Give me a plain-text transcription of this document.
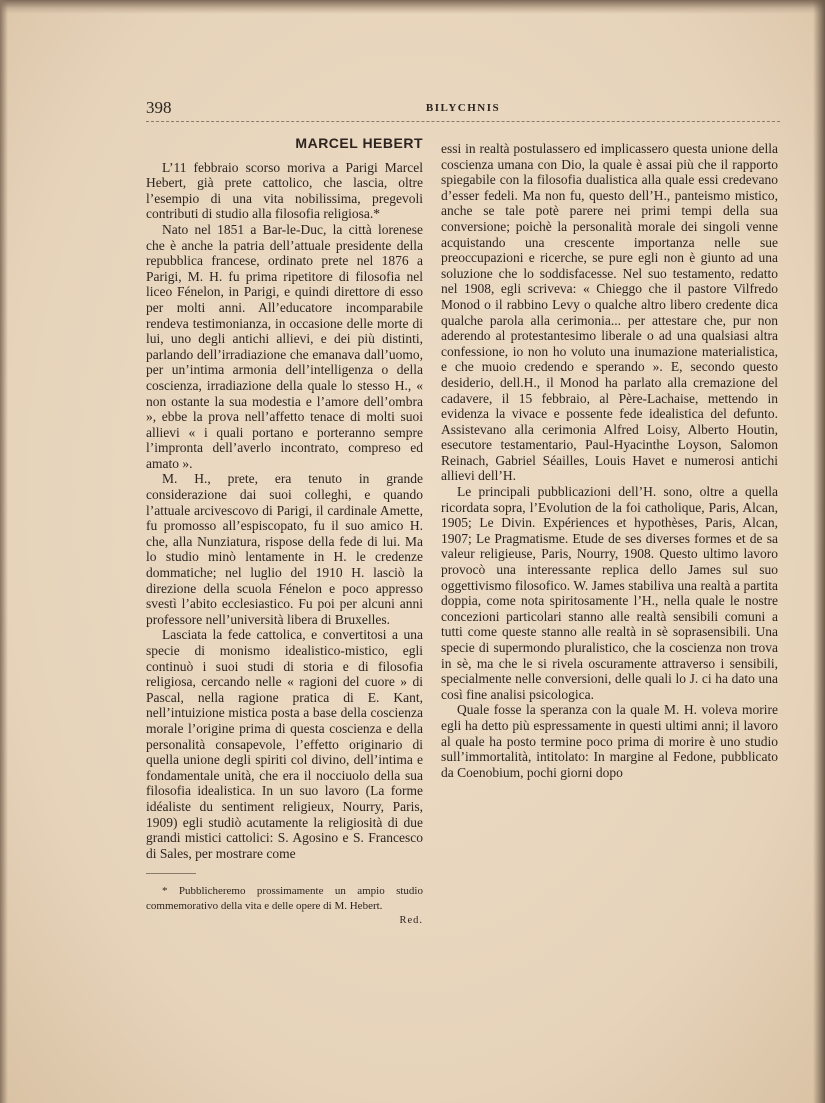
398	BILYCHNIS
MARCEL HEBERT

L’11 febbraio scorso moriva a Parigi Marcel Hebert, già prete cattolico, che lascia, oltre l’esempio di una vita nobilissima, pregevoli contributi di studio alla filosofia religiosa.*

Nato nel 1851 a Bar-le-Duc, la città lorenese che è anche la patria dell’attuale presidente della repubblica francese, ordinato prete nel 1876 a Parigi, M. H. fu prima ripetitore di filosofia nel liceo Fénelon, in Parigi, e quindi direttore di esso per molti anni. All’educatore incomparabile rendeva testimonianza, in occasione delle morte di lui, uno degli antichi allievi, e dei più distinti, parlando dell’irradiazione che emanava dall’uomo, per un’intima armonia dell’intelligenza o della coscienza, irradiazione della quale lo stesso H., « non ostante la sua modestia e l’amore dell’ombra », ebbe la prova nell’affetto tenace di molti suoi allievi « i quali portano e porteranno sempre l’impronta dell’averlo incontrato, compreso ed amato ».

M. H., prete, era tenuto in grande considerazione dai suoi colleghi, e quando l’attuale arcivescovo di Parigi, il cardinale Amette, fu promosso all’espiscopato, fu il suo amico H. che, alla Nunziatura, rispose della fede di lui. Ma lo studio minò lentamente in H. le credenze dommatiche; nel luglio del 1910 H. lasciò la direzione della scuola Fénelon e poco appresso svestì l’abito ecclesiastico. Fu poi per alcuni anni professore nell’università libera di Bruxelles.

Lasciata la fede cattolica, e convertitosi a una specie di monismo idealistico-mistico, egli continuò i suoi studi di storia e di filosofia religiosa, cercando nelle « ragioni del cuore » di Pascal, nella ragione pratica di E. Kant, nell’intuizione mistica posta a base della coscienza morale l’origine prima di questa coscienza e della personalità consapevole, l’effetto originario di quella unione degli spiriti col divino, dell’intima e fondamentale unità, che era il nocciuolo della sua filosofia idealistica. In un suo lavoro (La forme idéaliste du sentiment religieux, Nourry, Paris, 1909) egli studiò acutamente la religiosità di due grandi mistici cattolici: S. Agosino e S. Francesco di Sales, per mostrare come

* Pubblicheremo prossimamente un ampio studio commemorativo della vita e delle opere di M. Hebert.

Red.

essi in realtà postulassero ed implicassero questa unione della coscienza umana con Dio, la quale è assai più che il rapporto spiegabile con la filosofia dualistica alla quale essi credevano d’esser fedeli. Ma non fu, questo dell’H., panteismo mistico, anche se tale potè parere nei primi tempi della sua conversione; poichè la personalità morale dei singoli venne acquistando una crescente importanza nelle sue preoccupazioni e ricerche, se pure egli non è giunto ad una soluzione che lo soddisfacesse. Nel suo testamento, redatto nel 1908, egli scriveva: « Chieggo che il pastore Vilfredo Monod o il rabbino Levy o qualche altro libero credente dica qualche parola alla cerimonia... per attestare che, pur non aderendo al protestantesimo liberale o ad una qualsiasi altra confessione, io non ho voluto una inumazione materialistica, e che muoio credendo e sperando ». E, secondo questo desiderio, dell.H., il Monod ha parlato alla cremazione del cadavere, il 15 febbraio, al Père-Lachaise, mettendo in evidenza la vivace e possente fede idealistica del defunto. Assistevano alla cerimonia Alfred Loisy, Alberto Houtin, esecutore testamentario, Paul-Hyacinthe Loyson, Salomon Reinach, Gabriel Séailles, Louis Havet e numerosi antichi allievi dell’H.

Le principali pubblicazioni dell’H. sono, oltre a quella ricordata sopra, l’Evolution de la foi catholique, Paris, Alcan, 1905; Le Divin. Expériences et hypothèses, Paris, Alcan, 1907; Le Pragmatisme. Etude de ses diverses formes et de sa valeur religieuse, Paris, Nourry, 1908. Questo ultimo lavoro provocò una interessante replica dello James sul suo oggettivismo filosofico. W. James stabiliva una realtà a partita doppia, come nota spiritosamente l’H., nella quale le nostre concezioni particolari stanno alle realtà sensibili comuni a tutti come queste stanno alle realtà in sè soprasensibili. Una specie di supermondo pluralistico, che la coscienza non trova in sè, ma che le si rivela oscuramente attraverso i sensibili, specialmente nelle conversioni, delle quali lo J. ci ha dato una così fine analisi psicologica.

Quale fosse la speranza con la quale M. H. voleva morire egli ha detto più espressamente in questi ultimi anni; il lavoro al quale ha posto termine poco prima di morire è uno studio sull’immortalità, intitolato: In margine al Fedone, pubblicato da Coenobium, pochi giorni dopo
